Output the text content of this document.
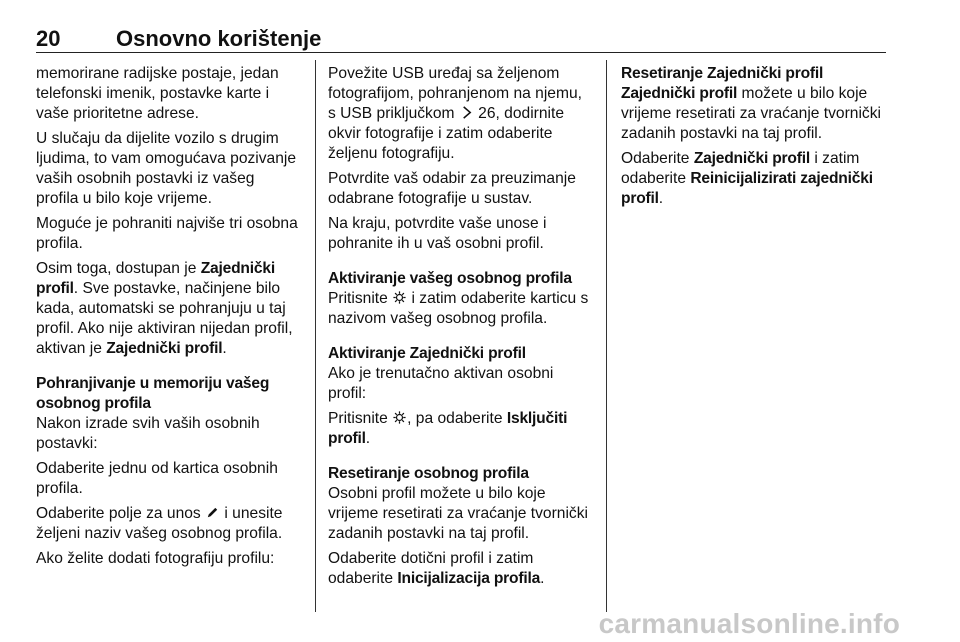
20	Osnovno korištenje

memorirane radijske postaje, jedan telefonski imenik, postavke karte i vaše prioritetne adrese.

U slučaju da dijelite vozilo s drugim ljudima, to vam omogućava pozivanje vaših osobnih postavki iz vašeg profila u bilo koje vrijeme.

Moguće je pohraniti najviše tri osobna profila.

Osim toga, dostupan je Zajednički profil. Sve postavke, načinjene bilo kada, automatski se pohranjuju u taj profil. Ako nije aktiviran nijedan profil, aktivan je Zajednički profil.

Pohranjivanje u memoriju vašeg osobnog profila

Nakon izrade svih vaših osobnih postavki:

Odaberite jednu od kartica osobnih profila.

Odaberite polje za unos
i unesite željeni naziv vašeg osobnog profila.

Ako želite dodati fotografiju profilu:

Povežite USB uređaj sa željenom fotografijom, pohranjenom na njemu, s USB priključkom
26, dodirnite okvir fotografije i zatim odaberite željenu fotografiju.

Potvrdite vaš odabir za preuzimanje odabrane fotografije u sustav.

Na kraju, potvrdite vaše unose i pohranite ih u vaš osobni profil.

Aktiviranje vašeg osobnog profila

Pritisnite
i zatim odaberite karticu s nazivom vašeg osobnog profila.

Aktiviranje Zajednički profil

Ako je trenutačno aktivan osobni profil:

Pritisnite
, pa odaberite Isključiti profil.

Resetiranje osobnog profila

Osobni profil možete u bilo koje vrijeme resetirati za vraćanje tvornički zadanih postavki na taj profil.

Odaberite dotični profil i zatim odaberite Inicijalizacija profila.

Resetiranje Zajednički profil

Zajednički profil možete u bilo koje vrijeme resetirati za vraćanje tvornički zadanih postavki na taj profil.

Odaberite Zajednički profil i zatim odaberite Reinicijalizirati zajednički profil.

carmanualsonline.info
